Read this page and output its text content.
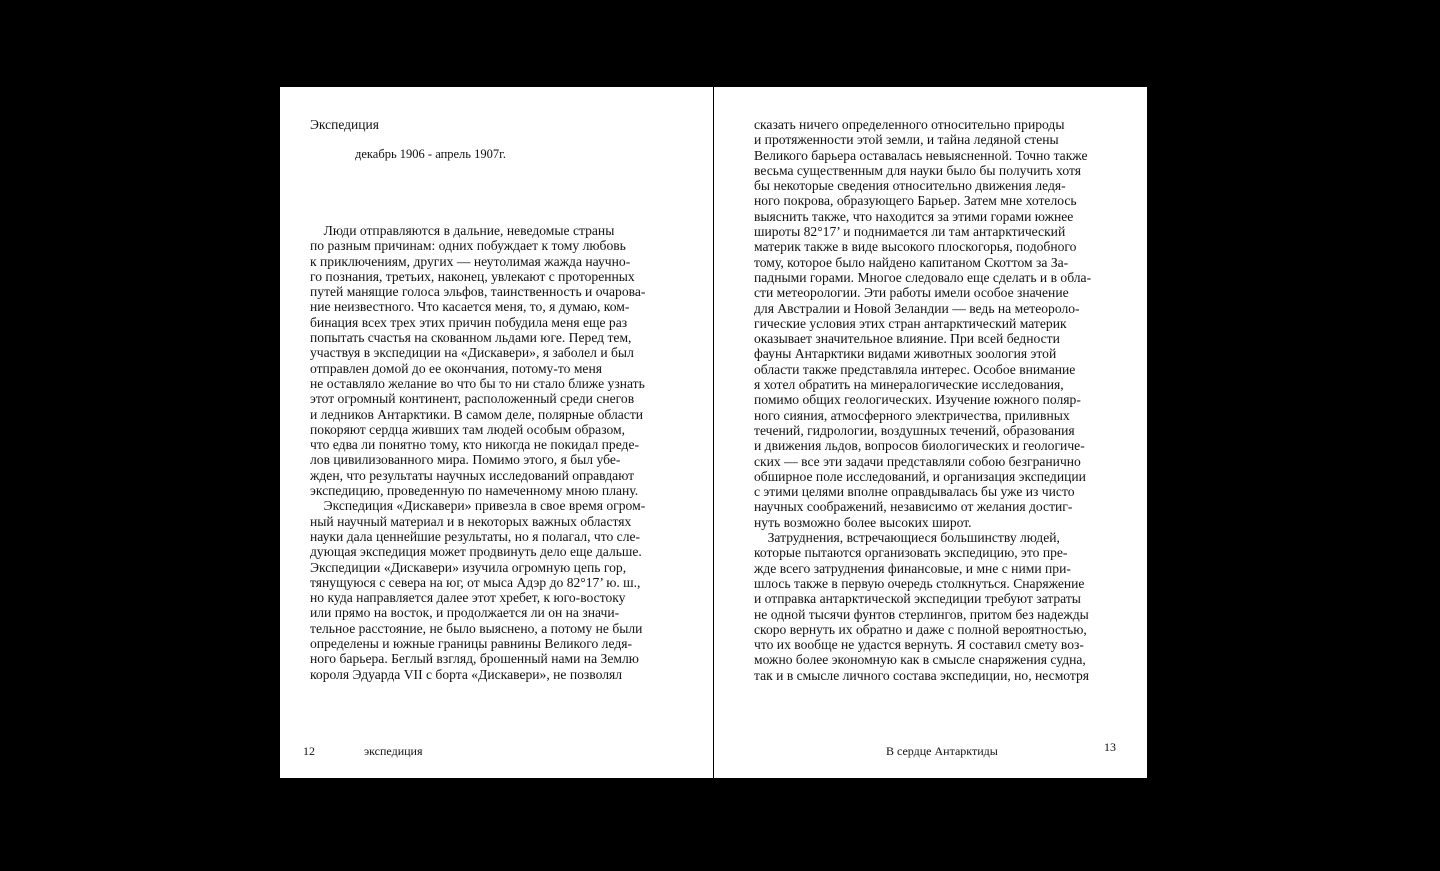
Экспедиция
декабрь 1906 - апрель 1907г.
Люди отправляются в дальние, неведомые страны
по разным причинам: одних побуждает к тому любовь
к приключениям, других — неутолимая жажда научно-
го познания, третьих, наконец, увлекают с проторенных
путей манящие голоса эльфов, таинственность и очарова-
ние неизвестного. Что касается меня, то, я думаю, ком-
бинация всех трех этих причин побудила меня еще раз
попытать счастья на скованном льдами юге. Перед тем,
участвуя в экспедиции на «Дискавери», я заболел и был
отправлен домой до ее окончания, потому-то меня
не оставляло желание во что бы то ни стало ближе узнать
этот огромный континент, расположенный среди снегов
и ледников Антарктики. В самом деле, полярные области
покоряют сердца живших там людей особым образом,
что едва ли понятно тому, кто никогда не покидал преде-
лов цивилизованного мира. Помимо этого, я был убе-
жден, что результаты научных исследований оправдают
экспедицию, проведенную по намеченному мною плану.
Экспедиция «Дискавери» привезла в свое время огром-
ный научный материал и в некоторых важных областях
науки дала ценнейшие результаты, но я полагал, что сле-
дующая экспедиция может продвинуть дело еще дальше.
Экспедиции «Дискавери» изучила огромную цепь гор,
тянущуюся с севера на юг, от мыса Адэр до 82°17’ ю. ш.,
но куда направляется далее этот хребет, к юго-востоку
или прямо на восток, и продолжается ли он на значи-
тельное расстояние, не было выяснено, а потому не были
определены и южные границы равнины Великого ледя-
ного барьера. Беглый взгляд, брошенный нами на Землю
короля Эдуарда VII с борта «Дискавери», не позволял
12	экспедиция
сказать ничего определенного относительно природы
и протяженности этой земли, и тайна ледяной стены
Великого барьера оставалась невыясненной. Точно также
весьма существенным для науки было бы получить хотя
бы некоторые сведения относительно движения ледя-
ного покрова, образующего Барьер. Затем мне хотелось
выяснить также, что находится за этими горами южнее
широты 82°17’ и поднимается ли там антарктический
материк также в виде высокого плоскогорья, подобного
тому, которое было найдено капитаном Скоттом за За-
падными горами. Многое следовало еще сделать и в обла-
сти метеорологии. Эти работы имели особое значение
для Австралии и Новой Зеландии — ведь на метеороло-
гические условия этих стран антарктический материк
оказывает значительное влияние. При всей бедности
фауны Антарктики видами животных зоология этой
области также представляла интерес. Особое внимание
я хотел обратить на минералогические исследования,
помимо общих геологических. Изучение южного поляр-
ного сияния, атмосферного электричества, приливных
течений, гидрологии, воздушных течений, образования
и движения льдов, вопросов биологических и геологиче-
ских — все эти задачи представляли собою безгранично
обширное поле исследований, и организация экспедиции
с этими целями вполне оправдывалась бы уже из чисто
научных соображений, независимо от желания достиг-
нуть возможно более высоких широт.
Затруднения, встречающиеся большинству людей,
которые пытаются организовать экспедицию, это пре-
жде всего затруднения финансовые, и мне с ними при-
шлось также в первую очередь столкнуться. Снаряжение
и отправка антарктической экспедиции требуют затраты
не одной тысячи фунтов стерлингов, притом без надежды
скоро вернуть их обратно и даже с полной вероятностью,
что их вообще не удастся вернуть. Я составил смету воз-
можно более экономную как в смысле снаряжения судна,
так и в смысле личного состава экспедиции, но, несмотря
В сердце Антарктиды	13
